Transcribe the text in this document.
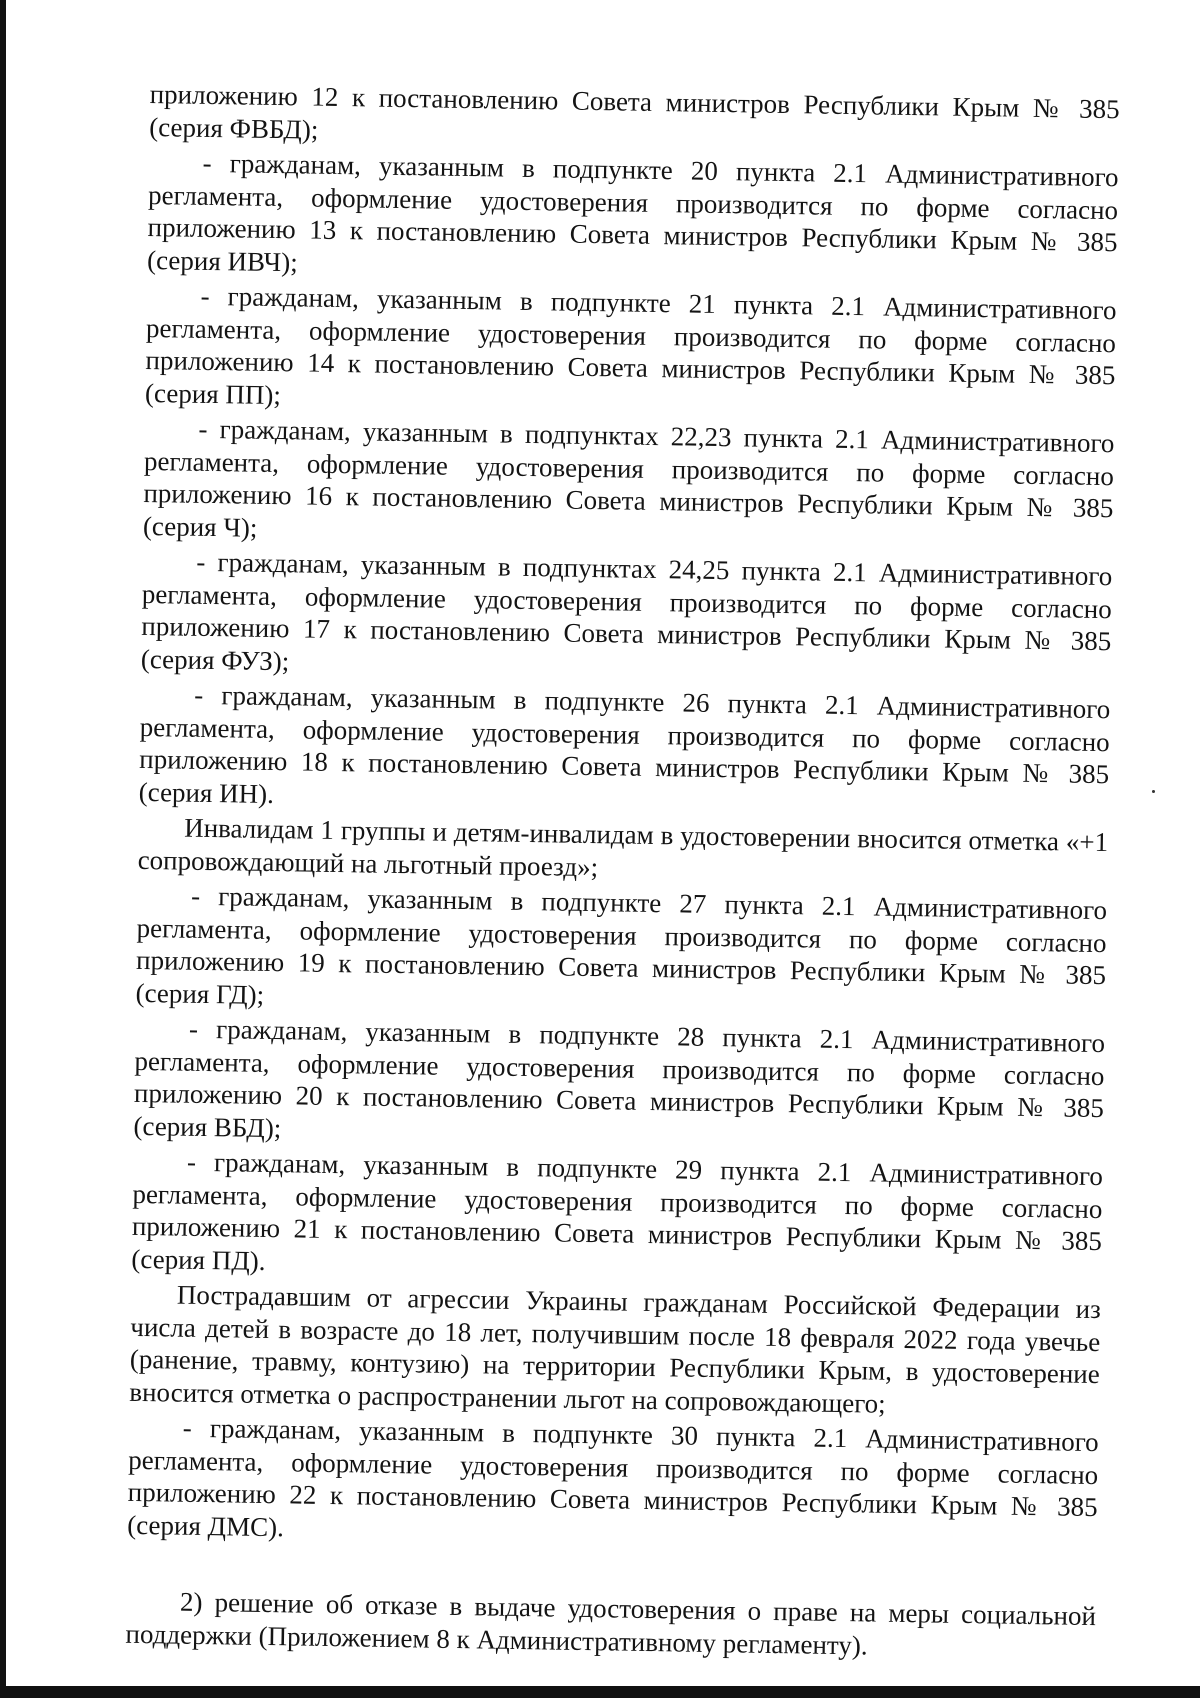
приложению 12 к постановлению Совета министров Республики Крым № 385 (серия ФВБД);

- гражданам, указанным в подпункте 20 пункта 2.1 Административного регламента, оформление удостоверения производится по форме согласно приложению 13 к постановлению Совета министров Республики Крым № 385 (серия ИВЧ);

- гражданам, указанным в подпункте 21 пункта 2.1 Административного регламента, оформление удостоверения производится по форме согласно приложению 14 к постановлению Совета министров Республики Крым № 385 (серия ПП);

- гражданам, указанным в подпунктах 22,23 пункта 2.1 Административного регламента, оформление удостоверения производится по форме согласно приложению 16 к постановлению Совета министров Республики Крым № 385 (серия Ч);

- гражданам, указанным в подпунктах 24,25 пункта 2.1 Административного регламента, оформление удостоверения производится по форме согласно приложению 17 к постановлению Совета министров Республики Крым № 385 (серия ФУЗ);

- гражданам, указанным в подпункте 26 пункта 2.1 Административного регламента, оформление удостоверения производится по форме согласно приложению 18 к постановлению Совета министров Республики Крым № 385 (серия ИН).

Инвалидам 1 группы и детям-инвалидам в удостоверении вносится отметка «+1 сопровождающий на льготный проезд»;

- гражданам, указанным в подпункте 27 пункта 2.1 Административного регламента, оформление удостоверения производится по форме согласно приложению 19 к постановлению Совета министров Республики Крым № 385 (серия ГД);

- гражданам, указанным в подпункте 28 пункта 2.1 Административного регламента, оформление удостоверения производится по форме согласно приложению 20 к постановлению Совета министров Республики Крым № 385 (серия ВБД);

- гражданам, указанным в подпункте 29 пункта 2.1 Административного регламента, оформление удостоверения производится по форме согласно приложению 21 к постановлению Совета министров Республики Крым № 385 (серия ПД).

Пострадавшим от агрессии Украины гражданам Российской Федерации из числа детей в возрасте до 18 лет, получившим после 18 февраля 2022 года увечье (ранение, травму, контузию) на территории Республики Крым, в удостоверение вносится отметка о распространении льгот на сопровождающего;

- гражданам, указанным в подпункте 30 пункта 2.1 Административного регламента, оформление удостоверения производится по форме согласно приложению 22 к постановлению Совета министров Республики Крым № 385 (серия ДМС).

2) решение об отказе в выдаче удостоверения о праве на меры социальной поддержки (Приложением 8 к Административному регламенту).
